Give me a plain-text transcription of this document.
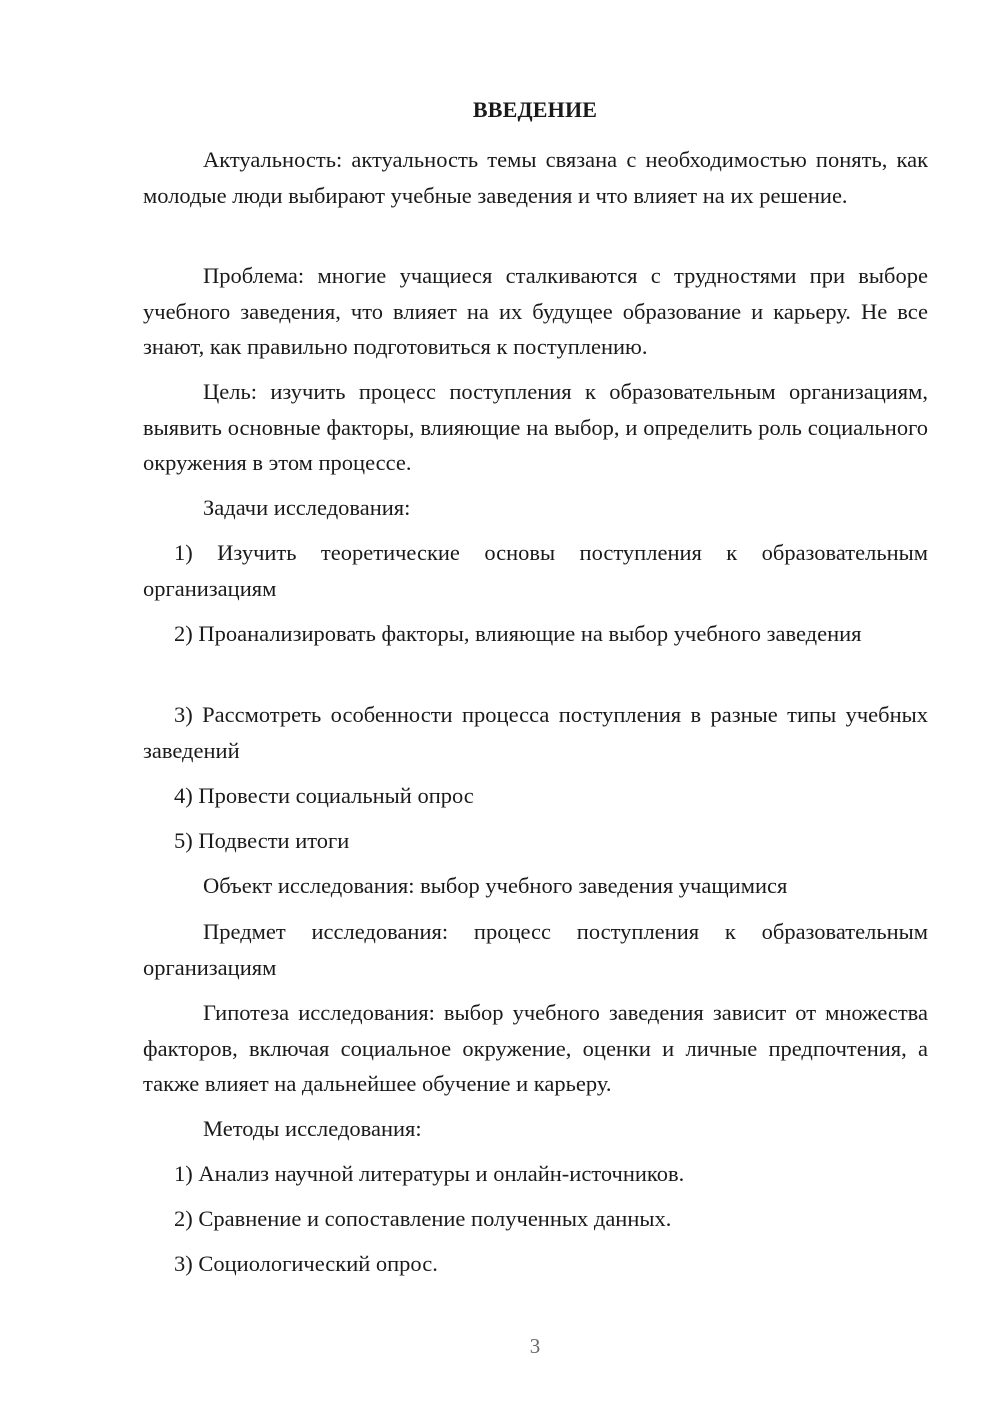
ВВЕДЕНИЕ

Актуальность: актуальность темы связана с необходимостью понять, как молодые люди выбирают учебные заведения и что влияет на их решение.

Проблема: многие учащиеся сталкиваются с трудностями при выборе учебного заведения, что влияет на их будущее образование и карьеру. Не все знают, как правильно подготовиться к поступлению.

Цель: изучить процесс поступления к образовательным организациям, выявить основные факторы, влияющие на выбор, и определить роль социального окружения в этом процессе.

Задачи исследования:

1) Изучить теоретические основы поступления к образовательным организациям

2) Проанализировать факторы, влияющие на выбор учебного заведения

3) Рассмотреть особенности процесса поступления в разные типы учебных заведений

4) Провести социальный опрос

5) Подвести итоги

Объект исследования: выбор учебного заведения учащимися

Предмет исследования: процесс поступления к образовательным организациям

Гипотеза исследования: выбор учебного заведения зависит от множества факторов, включая социальное окружение, оценки и личные предпочтения, а также влияет на дальнейшее обучение и карьеру.

Методы исследования:

1) Анализ научной литературы и онлайн-источников.

2) Сравнение и сопоставление полученных данных.

3) Социологический опрос.

3
